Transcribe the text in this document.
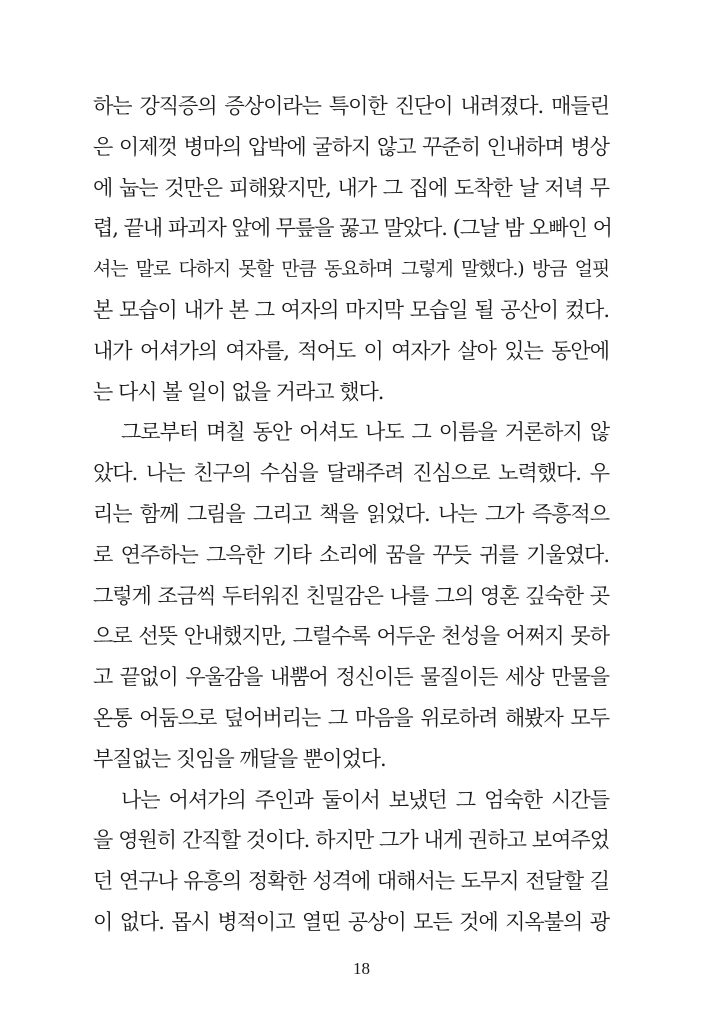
하는 강직증의 증상이라는 특이한 진단이 내려졌다. 매들린
은 이제껏 병마의 압박에 굴하지 않고 꾸준히 인내하며 병상
에 눕는 것만은 피해왔지만, 내가 그 집에 도착한 날 저녁 무
렵, 끝내 파괴자 앞에 무릎을 꿇고 말았다. (그날 밤 오빠인 어
셔는 말로 다하지 못할 만큼 동요하며 그렇게 말했다.) 방금 얼핏
본 모습이 내가 본 그 여자의 마지막 모습일 될 공산이 컸다.
내가 어셔가의 여자를, 적어도 이 여자가 살아 있는 동안에
는 다시 볼 일이 없을 거라고 했다.
그로부터 며칠 동안 어셔도 나도 그 이름을 거론하지 않
았다. 나는 친구의 수심을 달래주려 진심으로 노력했다. 우
리는 함께 그림을 그리고 책을 읽었다. 나는 그가 즉흥적으
로 연주하는 그윽한 기타 소리에 꿈을 꾸듯 귀를 기울였다.
그렇게 조금씩 두터워진 친밀감은 나를 그의 영혼 깊숙한 곳
으로 선뜻 안내했지만, 그럴수록 어두운 천성을 어쩌지 못하
고 끝없이 우울감을 내뿜어 정신이든 물질이든 세상 만물을
온통 어둠으로 덮어버리는 그 마음을 위로하려 해봤자 모두
부질없는 짓임을 깨달을 뿐이었다.
나는 어셔가의 주인과 둘이서 보냈던 그 엄숙한 시간들
을 영원히 간직할 것이다. 하지만 그가 내게 권하고 보여주었
던 연구나 유흥의 정확한 성격에 대해서는 도무지 전달할 길
이 없다. 몹시 병적이고 열띤 공상이 모든 것에 지옥불의 광
18
